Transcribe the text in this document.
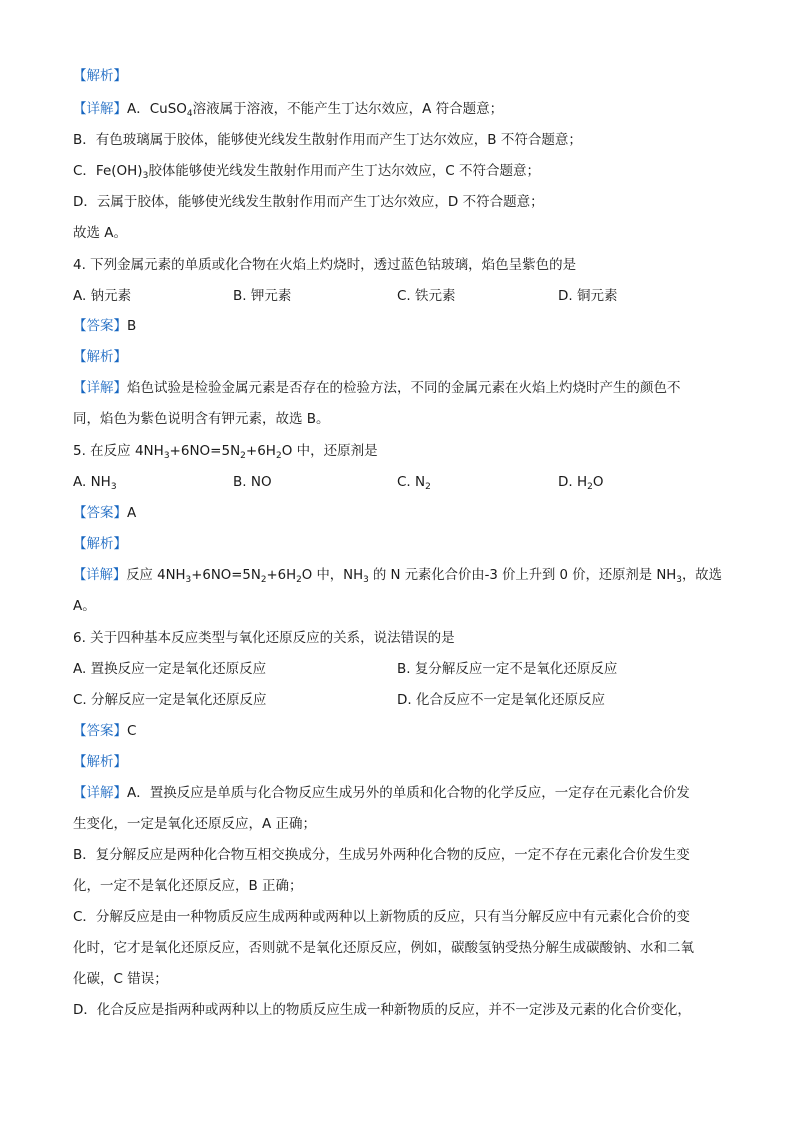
【解析】
【详解】A．CuSO$_4$溶液属于溶液，不能产生丁达尔效应，A 符合题意；
B．有色玻璃属于胶体，能够使光线发生散射作用而产生丁达尔效应，B 不符合题意；
C．$Fe(OH)_3$胶体能够使光线发生散射作用而产生丁达尔效应，C 不符合题意；
D．云属于胶体，能够使光线发生散射作用而产生丁达尔效应，D 不符合题意；
故选 A。
4. 下列金属元素的单质或化合物在火焰上灼烧时，透过蓝色钴玻璃，焰色呈紫色的是
A. 钠元素	B. 钾元素	C. 铁元素	D. 铜元素
【答案】B
【解析】
【详解】焰色试验是检验金属元素是否存在的检验方法，不同的金属元素在火焰上灼烧时产生的颜色不
同，焰色为紫色说明含有钾元素，故选 B。
5. 在反应 $4NH_3+6NO=5N_2+6H_2O$ 中，还原剂是
A. $NH_3$	B. NO	C. $N_2$	D. $H_2O$
【答案】A
【解析】
【详解】反应 $4NH_3+6NO=5N_2+6H_2O$ 中，$NH_3$ 的 N 元素化合价由-3 价上升到 0 价，还原剂是 $NH_3$，故选
A。
6. 关于四种基本反应类型与氧化还原反应的关系，说法错误的是
A. 置换反应一定是氧化还原反应	B. 复分解反应一定不是氧化还原反应
C. 分解反应一定是氧化还原反应	D. 化合反应不一定是氧化还原反应
【答案】C
【解析】
【详解】A．置换反应是单质与化合物反应生成另外的单质和化合物的化学反应，一定存在元素化合价发
生变化，一定是氧化还原反应，A 正确；
B．复分解反应是两种化合物互相交换成分，生成另外两种化合物的反应，一定不存在元素化合价发生变
化，一定不是氧化还原反应，B 正确；
C．分解反应是由一种物质反应生成两种或两种以上新物质的反应，只有当分解反应中有元素化合价的变
化时，它才是氧化还原反应，否则就不是氧化还原反应，例如，碳酸氢钠受热分解生成碳酸钠、水和二氧
化碳，C 错误；
D．化合反应是指两种或两种以上的物质反应生成一种新物质的反应，并不一定涉及元素的化合价变化，
